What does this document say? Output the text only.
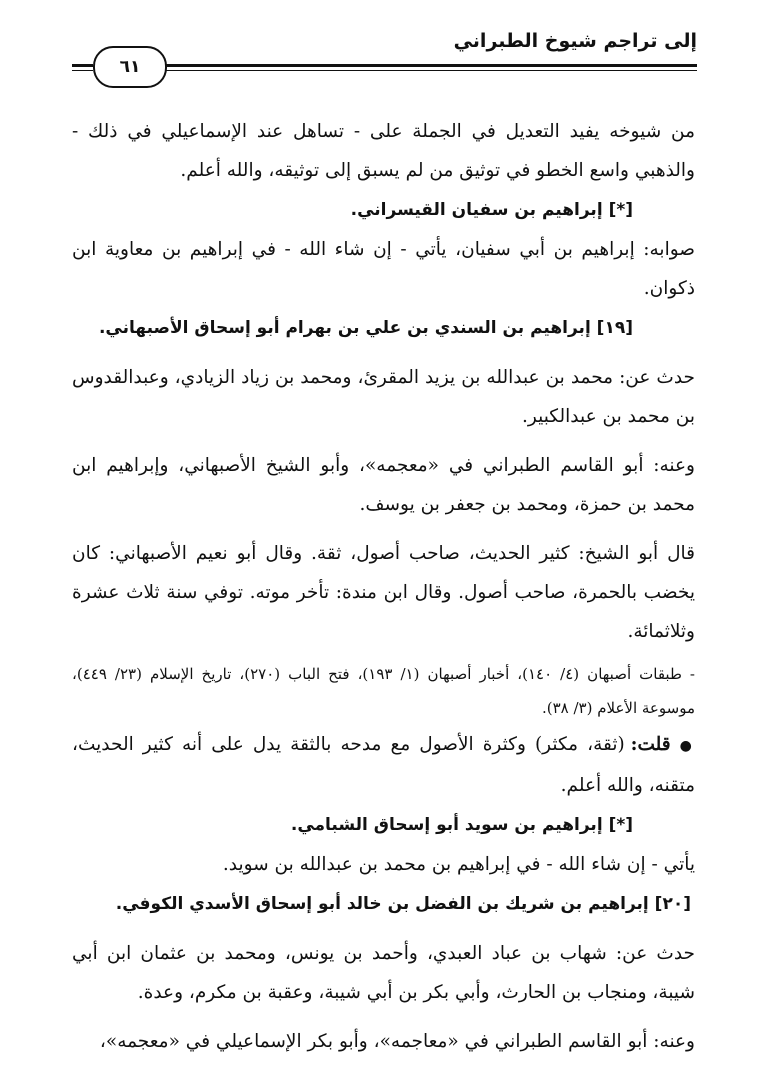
إلى تراجم شيوخ الطبراني
٦١

من شيوخه يفيد التعديل في الجملة على - تساهل عند الإسماعيلي في ذلك - والذهبي واسع الخطو في توثيق من لم يسبق إلى توثيقه، والله أعلم.

[*] إبراهيم بن سفيان القيسراني.

صوابه: إبراهيم بن أبي سفيان، يأتي - إن شاء الله - في إبراهيم بن معاوية ابن ذكوان.

[١٩] إبراهيم بن السندي بن علي بن بهرام أبو إسحاق الأصبهاني.

حدث عن: محمد بن عبدالله بن يزيد المقرئ، ومحمد بن زياد الزيادي، وعبدالقدوس بن محمد بن عبدالكبير.

وعنه: أبو القاسم الطبراني في «معجمه»، وأبو الشيخ الأصبهاني، وإبراهيم ابن محمد بن حمزة، ومحمد بن جعفر بن يوسف.

قال أبو الشيخ: كثير الحديث، صاحب أصول، ثقة. وقال أبو نعيم الأصبهاني: كان يخضب بالحمرة، صاحب أصول. وقال ابن مندة: تأخر موته. توفي سنة ثلاث عشرة وثلاثمائة.

- طبقات أصبهان (٤/ ١٤٠)، أخبار أصبهان (١/ ١٩٣)، فتح الباب (٢٧٠)، تاريخ الإسلام (٢٣/ ٤٤٩)، موسوعة الأعلام (٣/ ٣٨).

● قلت: (ثقة، مكثر) وكثرة الأصول مع مدحه بالثقة يدل على أنه كثير الحديث، متقنه، والله أعلم.

[*] إبراهيم بن سويد أبو إسحاق الشبامي.

يأتي - إن شاء الله - في إبراهيم بن محمد بن عبدالله بن سويد.

[٢٠] إبراهيم بن شريك بن الفضل بن خالد أبو إسحاق الأسدي الكوفي.

حدث عن: شهاب بن عباد العبدي، وأحمد بن يونس، ومحمد بن عثمان ابن أبي شيبة، ومنجاب بن الحارث، وأبي بكر بن أبي شيبة، وعقبة بن مكرم، وعدة.

وعنه: أبو القاسم الطبراني في «معاجمه»، وأبو بكر الإسماعيلي في «معجمه»،
